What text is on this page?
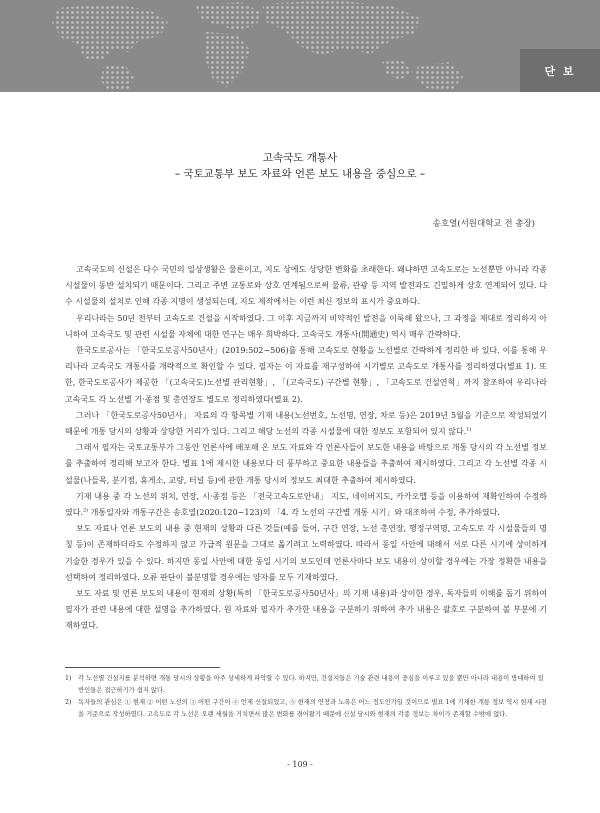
단 보
고속국도 개통사
– 국토교통부 보도 자료와 언론 보도 내용을 중심으로 –
송호열(서원대학교 전 총장)

고속국도의 신설은 다수 국민의 일상생활은 물론이고, 지도 상에도 상당한 변화를 초래한다. 왜냐하면 고속도로는 노선뿐만 아니라 각종 시설물이 동반 설치되기 때문이다. 그리고 주변 교통로와 상호 연계됨으로써 물류, 관광 등 지역 발전과도 긴밀하게 상호 연계되어 있다. 다수 시설물의 설치로 인해 각종 지명이 생성되는데, 지도 제작에서는 이런 최신 정보의 표시가 중요하다.

우리나라는 50년 전부터 고속도로 건설을 시작하였다. 그 이후 지금까지 비약적인 발전을 이룩해 왔으나, 그 과정을 제대로 정리하지 아니하여 고속국도 및 관련 시설물 자체에 대한 연구는 매우 희박하다. 고속국도 개통사(開通史) 역시 매우 간략하다.

한국도로공사는 「한국도로공사50년사」(2019:502~506)를 통해 고속도로 현황을 노선별로 간략하게 정리한 바 있다. 이를 통해 우리나라 고속국도 개통사를 개략적으로 확인할 수 있다. 필자는 이 자료를 재구성하여 시기별로 고속도로 개통사를 정리하였다(별표 1). 또한, 한국도로공사가 제공한 「(고속국도)노선별 관리현황」, 「(고속국도) 구간별 현황」, 「고속도로 건설연혁」까지 참조하여 우리나라 고속국도 각 노선별 기·종점 및 총연장도 별도로 정리하였다(별표 2).

그러나 「한국도로공사50년사」 자료의 각 항목별 기재 내용(노선번호, 노선명, 연장, 차로 등)은 2019년 5월을 기준으로 작성되었기 때문에 개통 당시의 상황과 상당한 거리가 있다. 그리고 해당 노선의 각종 시설물에 대한 정보도 포함되어 있지 않다.$^{1)}$

그래서 필자는 국토교통부가 그동안 언론사에 배포해 온 보도 자료와 각 언론사들이 보도한 내용을 바탕으로 개통 당시의 각 노선별 정보를 추출하여 정리해 보고자 한다. 별표 1에 제시한 내용보다 더 풍부하고 중요한 내용들을 추출하여 제시하였다. 그리고 각 노선별 각종 시설물(나들목, 분기점, 휴게소, 교량, 터널 등)에 관한 개통 당시의 정보도 최대한 추출하여 제시하였다.

기재 내용 중 각 노선의 위치, 연장, 시·종점 등은 「전국고속도로안내」 지도, 네이버지도, 카카오맵 등을 이용하여 재확인하여 수정하였다.$^{2)}$ 개통일자와 개통구간은 송호열(2020:120~123)의 「4. 각 노선의 구간별 개통 시기」와 대조하여 수정, 추가하였다.

보도 자료나 언론 보도의 내용 중 현재의 상황과 다른 것들(예를 들어, 구간 연장, 노선 총연장, 행정구역명, 고속도로 각 시설물들의 명칭 등)이 존재하더라도 수정하지 않고 가급적 원문을 그대로 옮기려고 노력하였다. 따라서 동일 사안에 대해서 서로 다른 시기에 상이하게 기술한 경우가 있을 수 있다. 하지만 동일 사안에 대한 동일 시기의 보도인데 언론사마다 보도 내용이 상이할 경우에는 가장 정확한 내용을 선택하여 정리하였다. 오류 판단이 불분명할 경우에는 양자를 모두 기재하였다.

보도 자료 및 언론 보도의 내용이 현재의 상황(특히 「한국도로공사50년사」의 기재 내용)과 상이한 경우, 독자들의 이해를 돕기 위하여 필자가 관련 내용에 대한 설명을 추가하였다. 원 자료와 필자가 추가한 내용을 구분하기 위하여 추가 내용은 괄호로 구분하여 볼 부분에 기재하였다.

1)	각 노선별 건설지를 분석하면 개통 당시의 상황을 아주 상세하게 파악할 수 있다. 하지만, 건설지들은 기술 관련 내용이 중심을 이루고 있을 뿐만 아니라 내용이 방대하여 일반인들은 접근하기가 쉽지 않다.
2)	독자들의 관심은 ① 현재 ② 어떤 노선의 ③ 어떤 구간이 ④ 언제 신설되었고, ⑤ 현재의 연장과 노폭은 어느 정도인가일 것이므로 별표 1에 기재한 개통 정보 역시 현재 시점을 기준으로 작성하였다. 고속도로 각 노선은 오랜 세월을 거치면서 많은 변화를 겪어왔기 때문에 신설 당시와 현재의 각종 정보는 차이가 존재할 수밖에 없다.
- 109 -
